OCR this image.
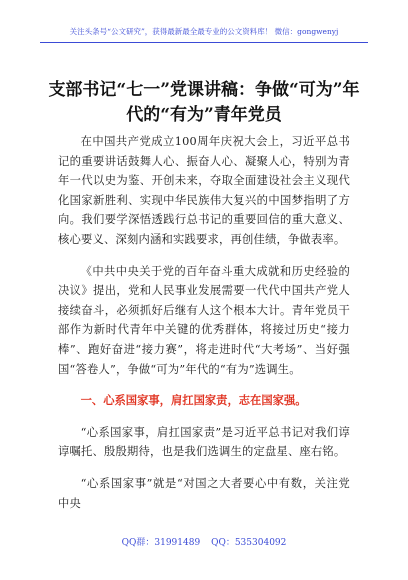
关注头条号“公文研究”，获得最新最全最专业的公文资料库！ 微信：gongwenyj
支部书记“七一”党课讲稿：争做“可为”年代的“有为”青年党员

在中国共产党成立100周年庆祝大会上，习近平总书记的重要讲话鼓舞人心、振奋人心、凝聚人心，特别为青年一代以史为鉴、开创未来，夺取全面建设社会主义现代化国家新胜利、实现中华民族伟大复兴的中国梦指明了方向。我们要学深悟透践行总书记的重要回信的重大意义、核心要义、深刻内涵和实践要求，再创佳绩，争做表率。

《中共中央关于党的百年奋斗重大成就和历史经验的决议》提出，党和人民事业发展需要一代代中国共产党人接续奋斗，必须抓好后继有人这个根本大计。青年党员干部作为新时代青年中关键的优秀群体，将接过历史“接力棒”、跑好奋进“接力赛”，将走进时代“大考场”、当好强国“答卷人”，争做“可为”年代的“有为”选调生。

一、心系国家事，肩扛国家责，志在国家强。

“心系国家事，肩扛国家责”是习近平总书记对我们谆谆嘱托、殷殷期待，也是我们选调生的定盘星、座右铭。

“心系国家事”就是“对国之大者要心中有数，关注党中央

QQ群：31991489 QQ：535304092
